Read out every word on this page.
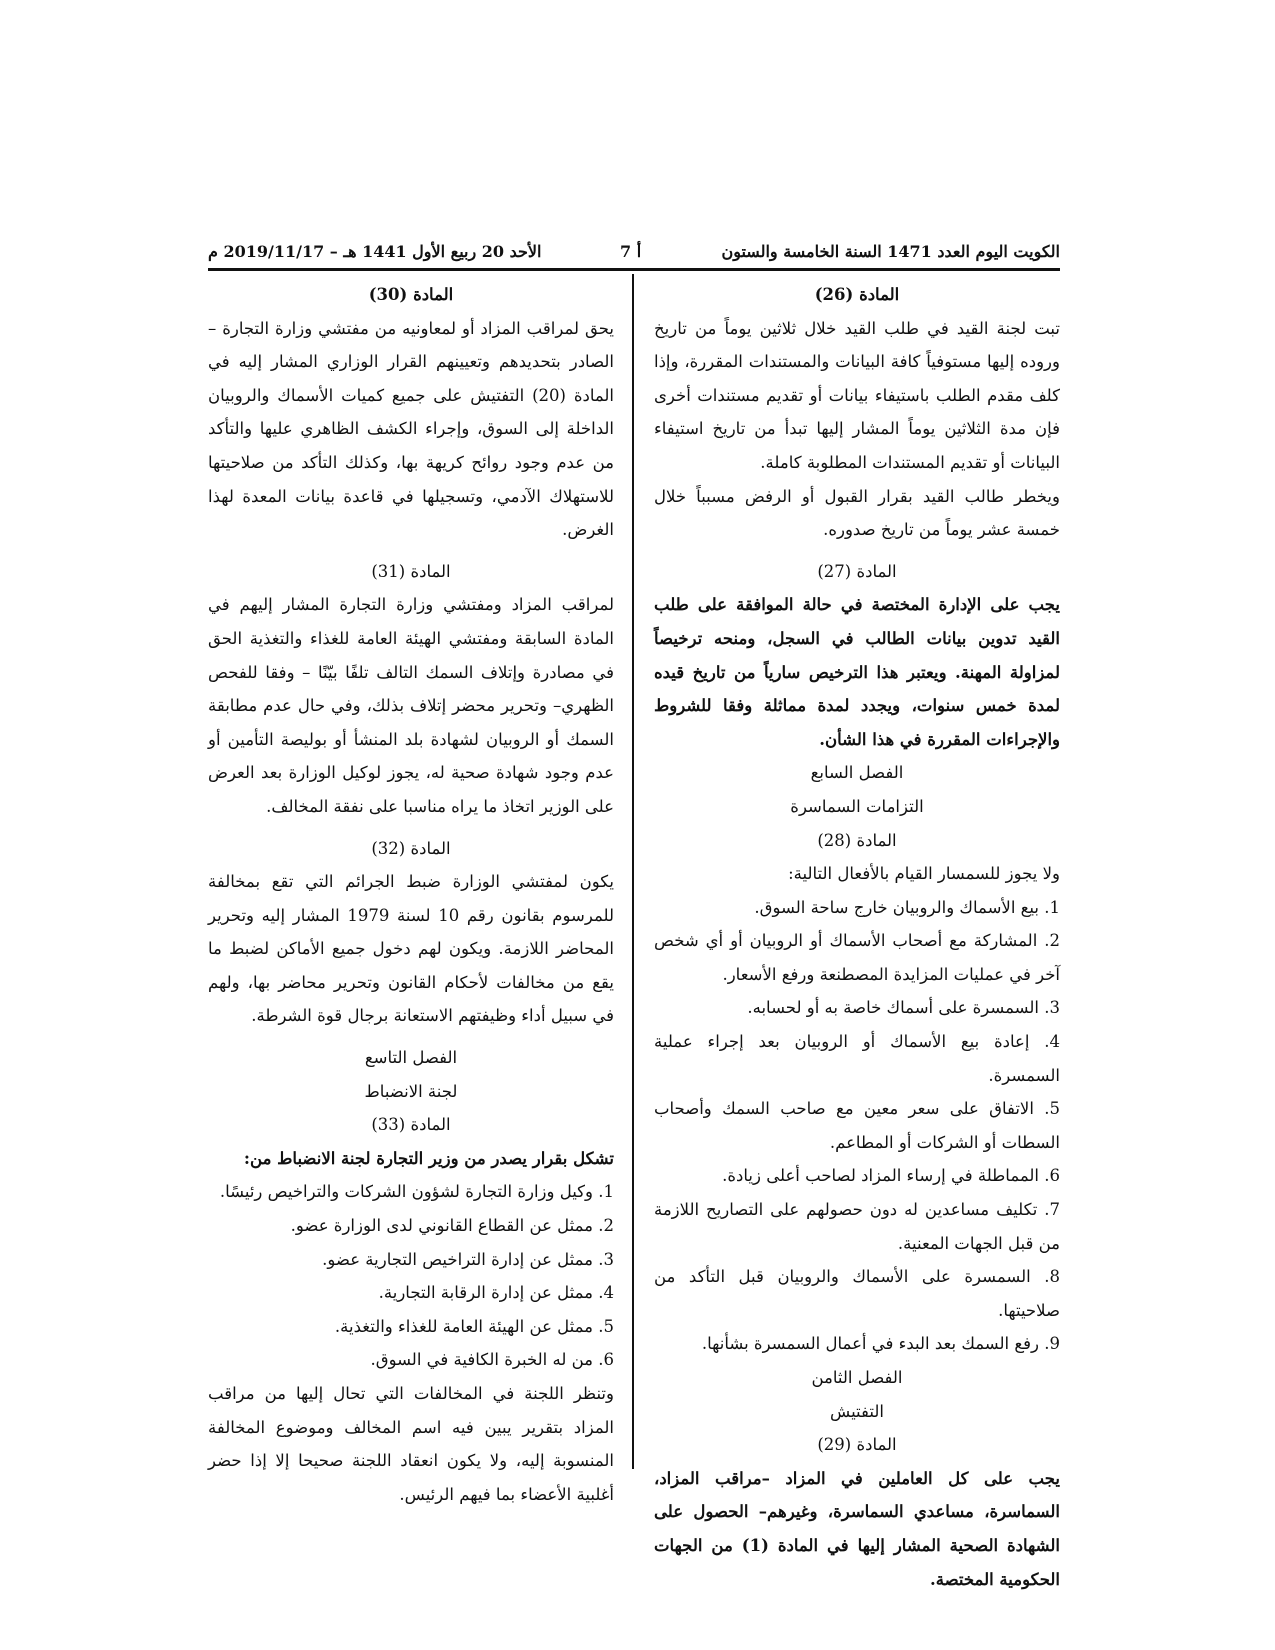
الكويت اليوم العدد 1471 السنة الخامسة والستون
أ 7
الأحد 20 ربيع الأول 1441 هـ – 2019/11/17 م

المادة (26)

تبت لجنة القيد في طلب القيد خلال ثلاثين يوماً من تاريخ وروده إليها مستوفياً كافة البيانات والمستندات المقررة، وإذا كلف مقدم الطلب باستيفاء بيانات أو تقديم مستندات أخرى فإن مدة الثلاثين يوماً المشار إليها تبدأ من تاريخ استيفاء البيانات أو تقديم المستندات المطلوبة كاملة.

ويخطر طالب القيد بقرار القبول أو الرفض مسبباً خلال خمسة عشر يوماً من تاريخ صدوره.

المادة (27)

يجب على الإدارة المختصة في حالة الموافقة على طلب القيد تدوين بيانات الطالب في السجل، ومنحه ترخيصاً لمزاولة المهنة. ويعتبر هذا الترخيص سارياً من تاريخ قيده لمدة خمس سنوات، ويجدد لمدة مماثلة وفقا للشروط والإجراءات المقررة في هذا الشأن.

الفصل السابع

التزامات السماسرة

المادة (28)

ولا يجوز للسمسار القيام بالأفعال التالية:

1. بيع الأسماك والروبيان خارج ساحة السوق.

2. المشاركة مع أصحاب الأسماك أو الروبيان أو أي شخص آخر في عمليات المزايدة المصطنعة ورفع الأسعار.

3. السمسرة على أسماك خاصة به أو لحسابه.

4. إعادة بيع الأسماك أو الروبيان بعد إجراء عملية السمسرة.

5. الاتفاق على سعر معين مع صاحب السمك وأصحاب السطات أو الشركات أو المطاعم.

6. المماطلة في إرساء المزاد لصاحب أعلى زيادة.

7. تكليف مساعدين له دون حصولهم على التصاريح اللازمة من قبل الجهات المعنية.

8. السمسرة على الأسماك والروبيان قبل التأكد من صلاحيتها.

9. رفع السمك بعد البدء في أعمال السمسرة بشأنها.

الفصل الثامن

التفتيش

المادة (29)

يجب على كل العاملين في المزاد –مراقب المزاد، السماسرة، مساعدي السماسرة، وغيرهم– الحصول على الشهادة الصحية المشار إليها في المادة (1) من الجهات الحكومية المختصة.

المادة (30)

يحق لمراقب المزاد أو لمعاونيه من مفتشي وزارة التجارة – الصادر بتحديدهم وتعيينهم القرار الوزاري المشار إليه في المادة (20) التفتيش على جميع كميات الأسماك والروبيان الداخلة إلى السوق، وإجراء الكشف الظاهري عليها والتأكد من عدم وجود روائح كريهة بها، وكذلك التأكد من صلاحيتها للاستهلاك الآدمي، وتسجيلها في قاعدة بيانات المعدة لهذا الغرض.

المادة (31)

لمراقب المزاد ومفتشي وزارة التجارة المشار إليهم في المادة السابقة ومفتشي الهيئة العامة للغذاء والتغذية الحق في مصادرة وإتلاف السمك التالف تلفًا بيّنًا – وفقا للفحص الظهري– وتحرير محضر إتلاف بذلك، وفي حال عدم مطابقة السمك أو الروبيان لشهادة بلد المنشأ أو بوليصة التأمين أو عدم وجود شهادة صحية له، يجوز لوكيل الوزارة بعد العرض على الوزير اتخاذ ما يراه مناسبا على نفقة المخالف.

المادة (32)

يكون لمفتشي الوزارة ضبط الجرائم التي تقع بمخالفة للمرسوم بقانون رقم 10 لسنة 1979 المشار إليه وتحرير المحاضر اللازمة. ويكون لهم دخول جميع الأماكن لضبط ما يقع من مخالفات لأحكام القانون وتحرير محاضر بها، ولهم في سبيل أداء وظيفتهم الاستعانة برجال قوة الشرطة.

الفصل التاسع

لجنة الانضباط

المادة (33)

تشكل بقرار يصدر من وزير التجارة لجنة الانضباط من:

1. وكيل وزارة التجارة لشؤون الشركات والتراخيص رئيسًا.

2. ممثل عن القطاع القانوني لدى الوزارة عضو.

3. ممثل عن إدارة التراخيص التجارية عضو.

4. ممثل عن إدارة الرقابة التجارية.

5. ممثل عن الهيئة العامة للغذاء والتغذية.

6. من له الخبرة الكافية في السوق.

وتنظر اللجنة في المخالفات التي تحال إليها من مراقب المزاد بتقرير يبين فيه اسم المخالف وموضوع المخالفة المنسوبة إليه، ولا يكون انعقاد اللجنة صحيحا إلا إذا حضر أغلبية الأعضاء بما فيهم الرئيس.
